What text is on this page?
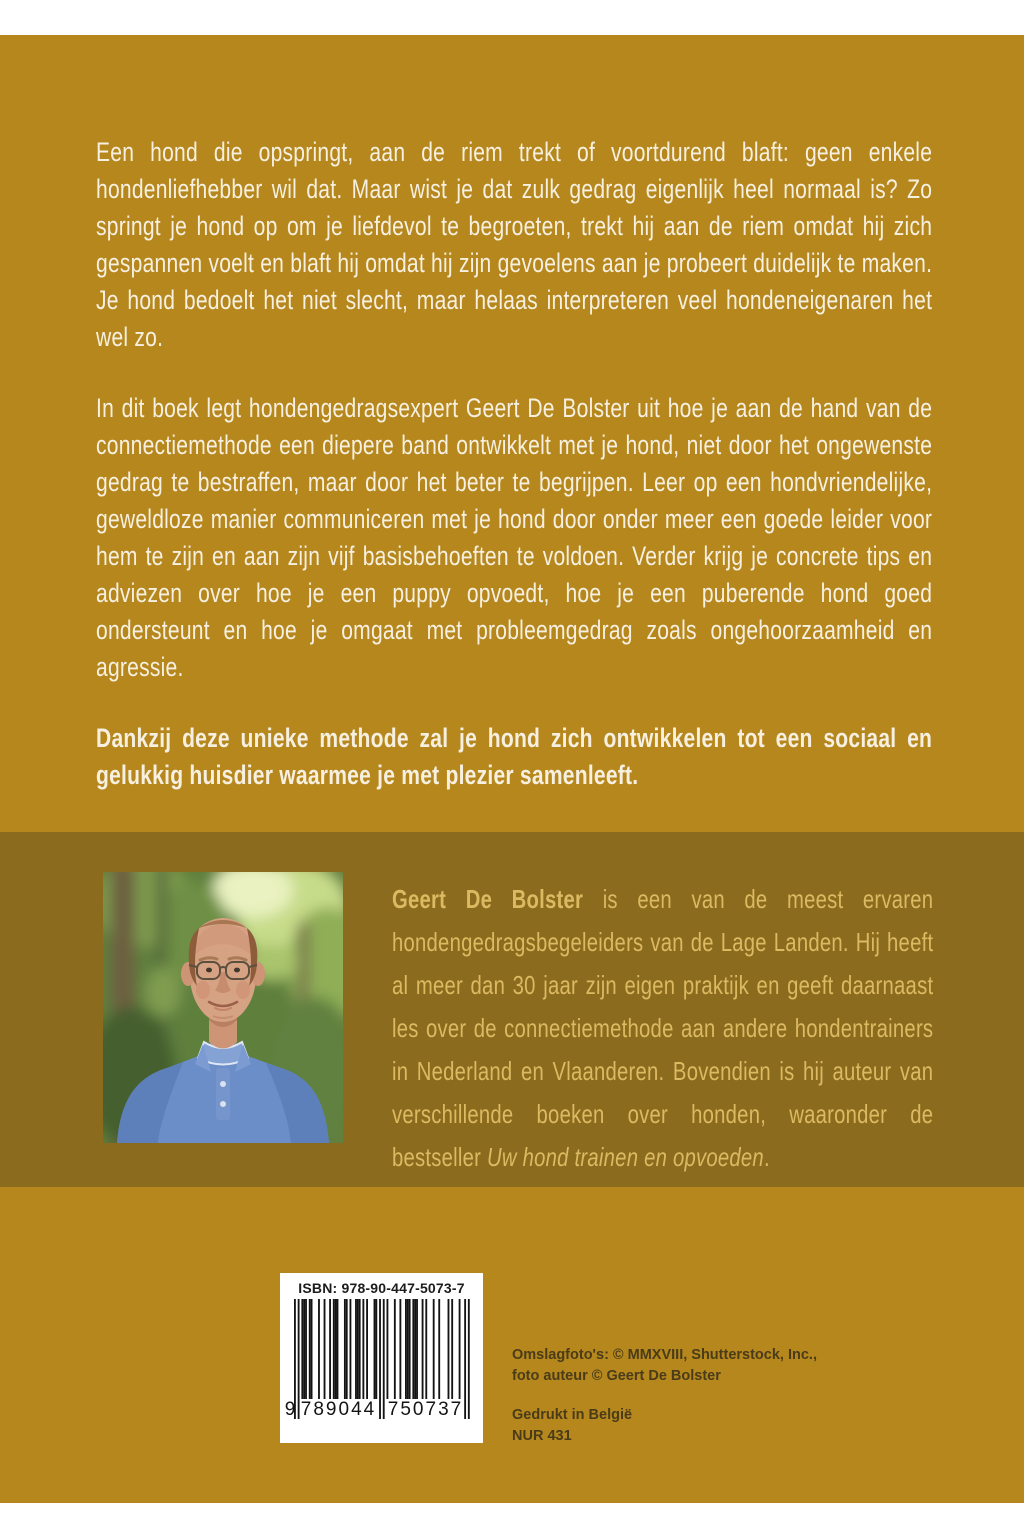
Een hond die opspringt, aan de riem trekt of voortdurend blaft: geen enkele hondenliefhebber wil dat. Maar wist je dat zulk gedrag eigenlijk heel normaal is? Zo springt je hond op om je liefdevol te begroeten, trekt hij aan de riem omdat hij zich gespannen voelt en blaft hij omdat hij zijn gevoelens aan je probeert duidelijk te maken. Je hond bedoelt het niet slecht, maar helaas interpreteren veel hondeneigenaren het wel zo.

In dit boek legt hondengedragsexpert Geert De Bolster uit hoe je aan de hand van de connectiemethode een diepere band ontwikkelt met je hond, niet door het ongewenste gedrag te bestraffen, maar door het beter te begrijpen. Leer op een hondvriendelijke, geweldloze manier communiceren met je hond door onder meer een goede leider voor hem te zijn en aan zijn vijf basisbehoeften te voldoen. Verder krijg je concrete tips en adviezen over hoe je een puppy opvoedt, hoe je een puberende hond goed ondersteunt en hoe je omgaat met probleemgedrag zoals ongehoorzaamheid en agressie.

Dankzij deze unieke methode zal je hond zich ontwikkelen tot een sociaal en gelukkig huisdier waarmee je met plezier samenleeft.

Geert De Bolster is een van de meest ervaren hondengedragsbegeleiders van de Lage Landen. Hij heeft al meer dan 30 jaar zijn eigen praktijk en geeft daarnaast les over de connectiemethode aan andere hondentrainers in Nederland en Vlaanderen. Bovendien is hij auteur van verschillende boeken over honden, waaronder de bestseller Uw hond trainen en opvoeden.
ISBN: 978-90-447-5073-7
9 789044 750737

Omslagfoto's: © MMXVIII, Shutterstock, Inc.,
foto auteur © Geert De Bolster

Gedrukt in België
NUR 431
